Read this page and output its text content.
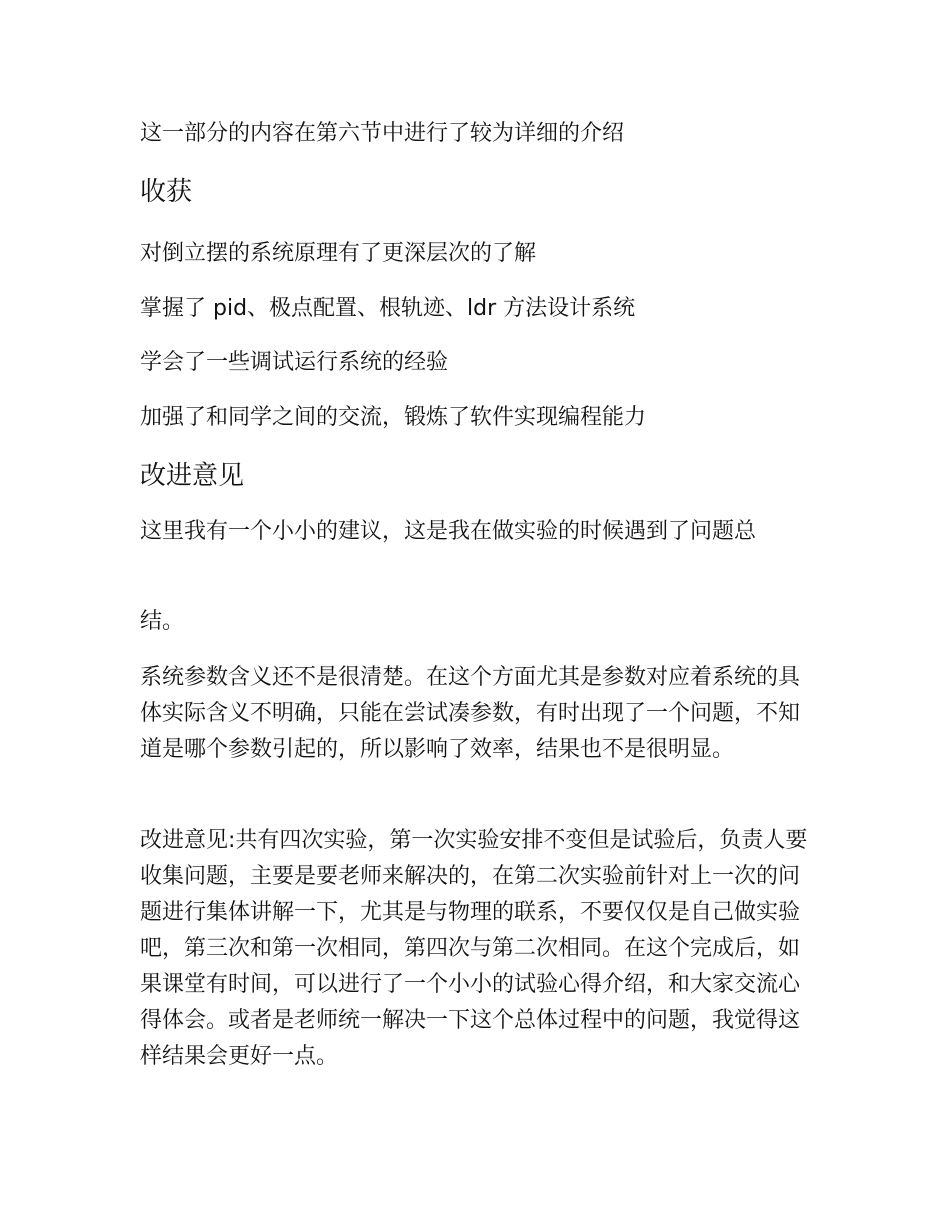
这一部分的内容在第六节中进行了较为详细的介绍

收获

对倒立摆的系统原理有了更深层次的了解

掌握了 pid、极点配置、根轨迹、ldr 方法设计系统

学会了一些调试运行系统的经验

加强了和同学之间的交流，锻炼了软件实现编程能力

改进意见

这里我有一个小小的建议，这是我在做实验的时候遇到了问题总

结。

系统参数含义还不是很清楚。在这个方面尤其是参数对应着系统的具体实际含义不明确，只能在尝试凑参数，有时出现了一个问题，不知道是哪个参数引起的，所以影响了效率，结果也不是很明显。

改进意见:共有四次实验，第一次实验安排不变但是试验后，负责人要收集问题，主要是要老师来解决的，在第二次实验前针对上一次的问题进行集体讲解一下，尤其是与物理的联系，不要仅仅是自己做实验吧，第三次和第一次相同，第四次与第二次相同。在这个完成后，如果课堂有时间，可以进行了一个小小的试验心得介绍，和大家交流心得体会。或者是老师统一解决一下这个总体过程中的问题，我觉得这样结果会更好一点。
